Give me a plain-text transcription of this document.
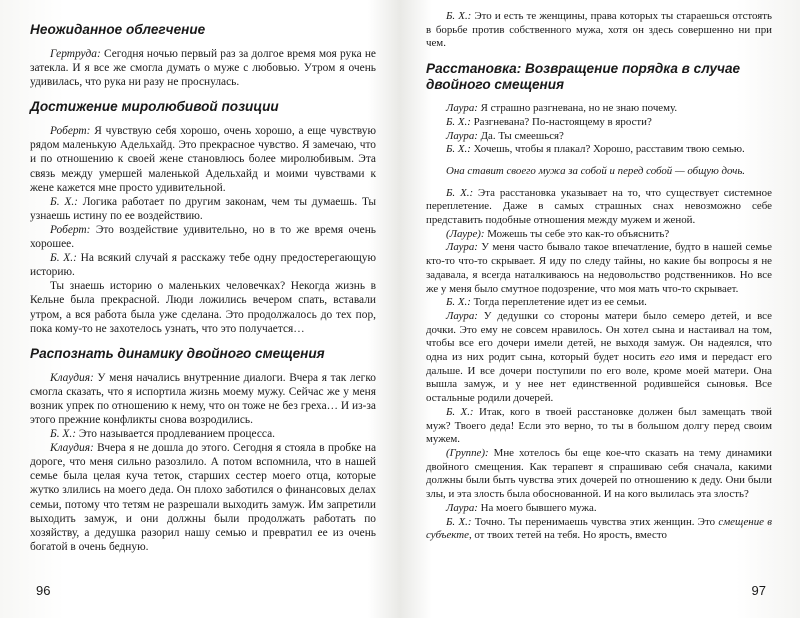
Неожиданное облегчение

Гертруда: Сегодня ночью первый раз за долгое время моя рука не затекла. И я все же смогла думать о муже с любовью. Утром я очень удивилась, что рука ни разу не проснулась.

Достижение миролюбивой позиции

Роберт: Я чувствую себя хорошо, очень хорошо, а еще чувствую рядом маленькую Адельхайд. Это прекрасное чувство. Я замечаю, что и по отношению к своей жене становлюсь более миролюбивым. Эта связь между умершей маленькой Адельхайд и моими чувствами к жене кажется мне просто удивительной.

Б. Х.: Логика работает по другим законам, чем ты думаешь. Ты узнаешь истину по ее воздействию.

Роберт: Это воздействие удивительно, но в то же время очень хорошее.

Б. Х.: На всякий случай я расскажу тебе одну предостерегающую историю.

Ты знаешь историю о маленьких человечках? Некогда жизнь в Кельне была прекрасной. Люди ложились вечером спать, вставали утром, а вся работа была уже сделана. Это продолжалось до тех пор, пока кому-то не захотелось узнать, что это получается…

Распознать динамику двойного смещения

Клаудия: У меня начались внутренние диалоги. Вчера я так легко смогла сказать, что я испортила жизнь моему мужу. Сейчас же у меня возник упрек по отношению к нему, что он тоже не без греха… И из-за этого прежние конфликты снова возродились.

Б. Х.: Это называется продлеванием процесса.

Клаудия: Вчера я не дошла до этого. Сегодня я стояла в пробке на дороге, что меня сильно разозлило. А потом вспомнила, что в нашей семье была целая куча теток, старших сестер моего отца, которые жутко злились на моего деда. Он плохо заботился о финансовых делах семьи, потому что тетям не разрешали выходить замуж. Им запретили выходить замуж, и они должны были продолжать работать по хозяйству, а дедушка разорил нашу семью и превратил ее из очень богатой в очень бедную.

96

Б. Х.: Это и есть те женщины, права которых ты стараешься отстоять в борьбе против собственного мужа, хотя он здесь совершенно ни при чем.

Расстановка: Возвращение порядка в случае двойного смещения

Лаура: Я страшно разгневана, но не знаю почему.

Б. Х.: Разгневана? По-настоящему в ярости?

Лаура: Да. Ты смеешься?

Б. Х.: Хочешь, чтобы я плакал? Хорошо, расставим твою семью.

Она ставит своего мужа за собой и перед собой — общую дочь.

Б. Х.: Эта расстановка указывает на то, что существует системное переплетение. Даже в самых страшных снах невозможно себе представить подобные отношения между мужем и женой.

(Лауре): Можешь ты себе это как-то объяснить?

Лаура: У меня часто бывало такое впечатление, будто в нашей семье кто-то что-то скрывает. Я иду по следу тайны, но какие бы вопросы я не задавала, я всегда наталкиваюсь на недовольство родственников. Но все же у меня было смутное подозрение, что моя мать что-то скрывает.

Б. Х.: Тогда переплетение идет из ее семьи.

Лаура: У дедушки со стороны матери было семеро детей, и все дочки. Это ему не совсем нравилось. Он хотел сына и настаивал на том, чтобы все его дочери имели детей, не выходя замуж. Он надеялся, что одна из них родит сына, который будет носить его имя и передаст его дальше. И все дочери поступили по его воле, кроме моей матери. Она вышла замуж, и у нее нет единственной родившейся сыновья. Все остальные родили дочерей.

Б. Х.: Итак, кого в твоей расстановке должен был замещать твой муж? Твоего деда! Если это верно, то ты в большом долгу перед своим мужем.

(Группе): Мне хотелось бы еще кое-что сказать на тему динамики двойного смещения. Как терапевт я спрашиваю себя сначала, какими должны были быть чувства этих дочерей по отношению к деду. Они были злы, и эта злость была обоснованной. И на кого вылилась эта злость?

Лаура: На моего бывшего мужа.

Б. Х.: Точно. Ты перенимаешь чувства этих женщин. Это смещение в субъекте, от твоих тетей на тебя. Но ярость, вместо

97
